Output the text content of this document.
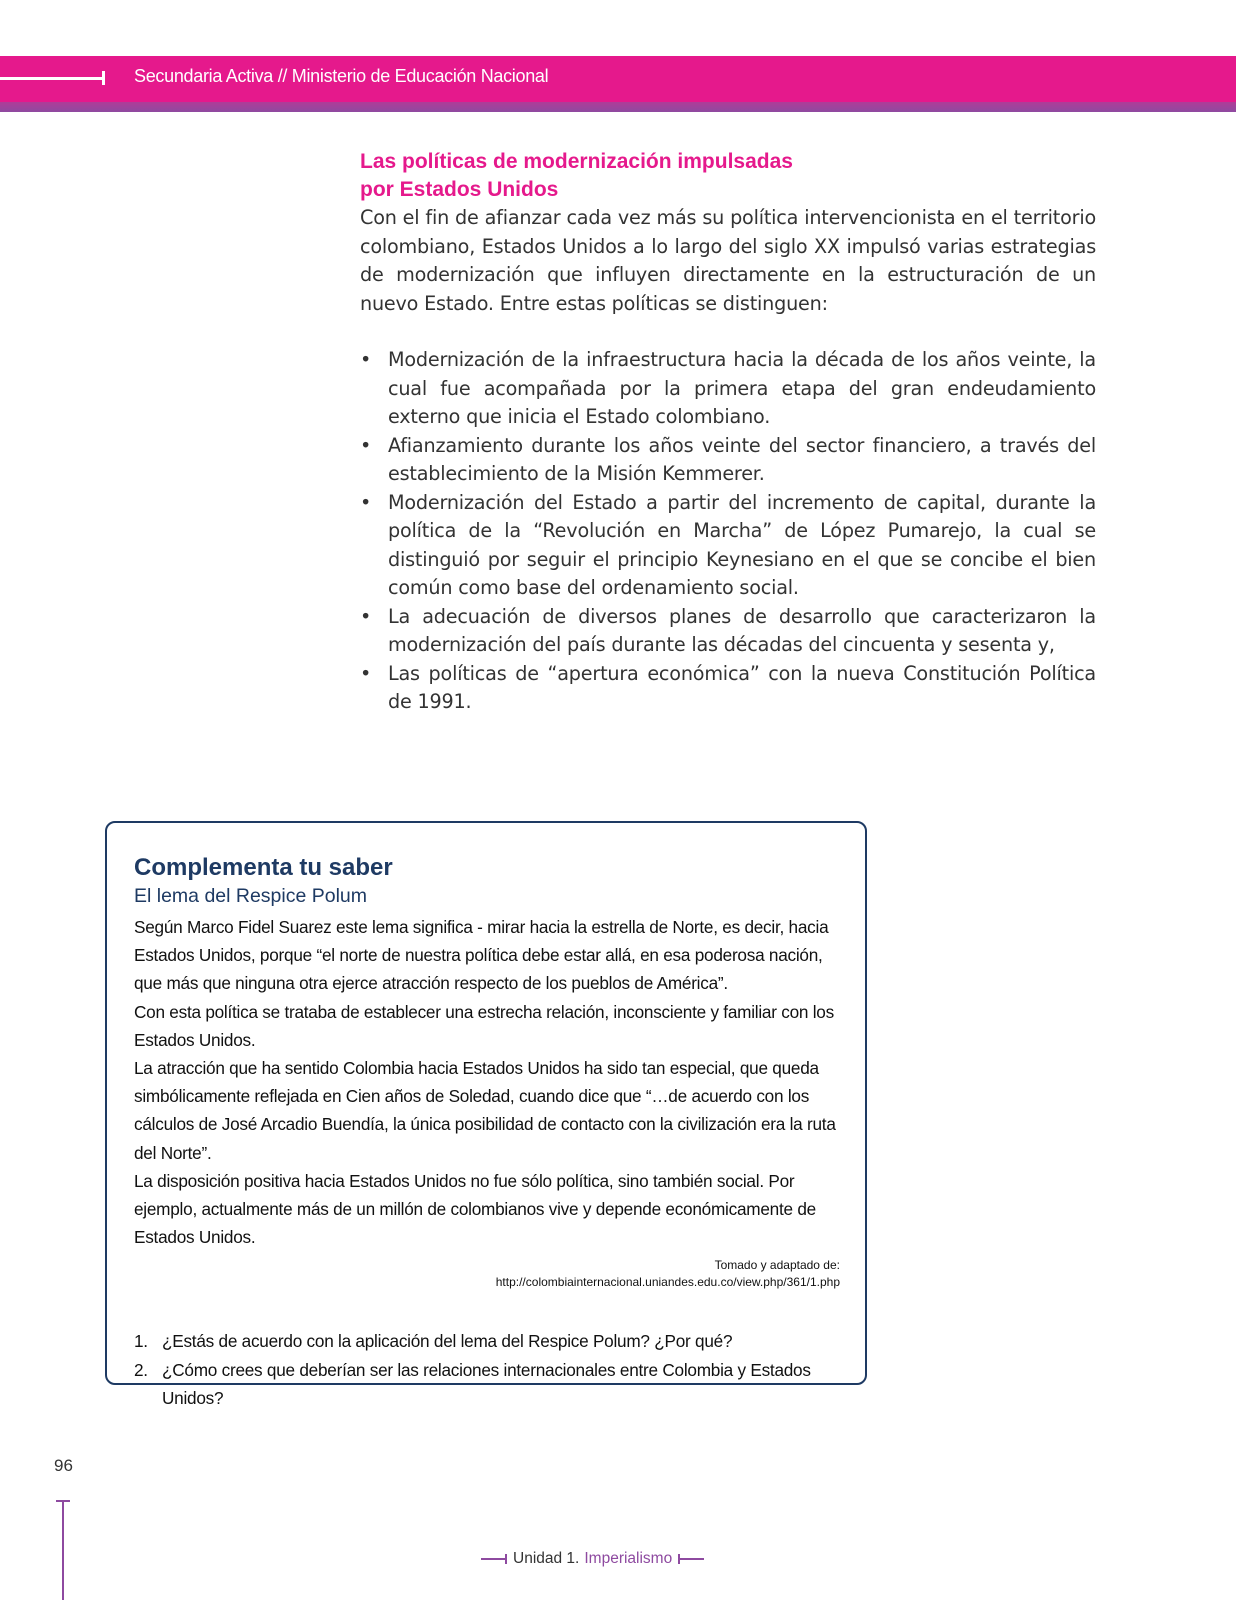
Secundaria Activa // Ministerio de Educación Nacional
Las políticas de modernización impulsadas
por Estados Unidos

Con el fin de afianzar cada vez más su política intervencionista en el territorio colombiano, Estados Unidos a lo largo del siglo XX impulsó varias estrategias de modernización que influyen directamente en la estructuración de un nuevo Estado. Entre estas políticas se distinguen:

• Modernización de la infraestructura hacia la década de los años veinte, la cual fue acompañada por la primera etapa del gran endeudamiento externo que inicia el Estado colombiano.
• Afianzamiento durante los años veinte del sector financiero, a través del establecimiento de la Misión Kemmerer.
• Modernización del Estado a partir del incremento de capital, durante la política de la “Revolución en Marcha” de López Pumarejo, la cual se distinguió por seguir el principio Keynesiano en el que se concibe el bien común como base del ordenamiento social.
• La adecuación de diversos planes de desarrollo que caracterizaron la modernización del país durante las décadas del cincuenta y sesenta y,
• Las políticas de “apertura económica” con la nueva Constitución Política de 1991.
Complementa tu saber
El lema del Respice Polum

Según Marco Fidel Suarez este lema significa - mirar hacia la estrella de Norte, es decir, hacia Estados Unidos, porque “el norte de nuestra política debe estar allá, en esa poderosa nación, que más que ninguna otra ejerce atracción respecto de los pueblos de América”.

Con esta política se trataba de establecer una estrecha relación, inconsciente y familiar con los Estados Unidos.

La atracción que ha sentido Colombia hacia Estados Unidos ha sido tan especial, que queda simbólicamente reflejada en Cien años de Soledad, cuando dice que “…de acuerdo con los cálculos de José Arcadio Buendía, la única posibilidad de contacto con la civilización era la ruta del Norte”.

La disposición positiva hacia Estados Unidos no fue sólo política, sino también social. Por ejemplo, actualmente más de un millón de colombianos vive y depende económicamente de Estados Unidos.

Tomado y adaptado de:
http://colombiainternacional.uniandes.edu.co/view.php/361/1.php
1. ¿Estás de acuerdo con la aplicación del lema del Respice Polum? ¿Por qué?
2. ¿Cómo crees que deberían ser las relaciones internacionales entre Colombia y Estados Unidos?
96
Unidad 1. Imperialismo
